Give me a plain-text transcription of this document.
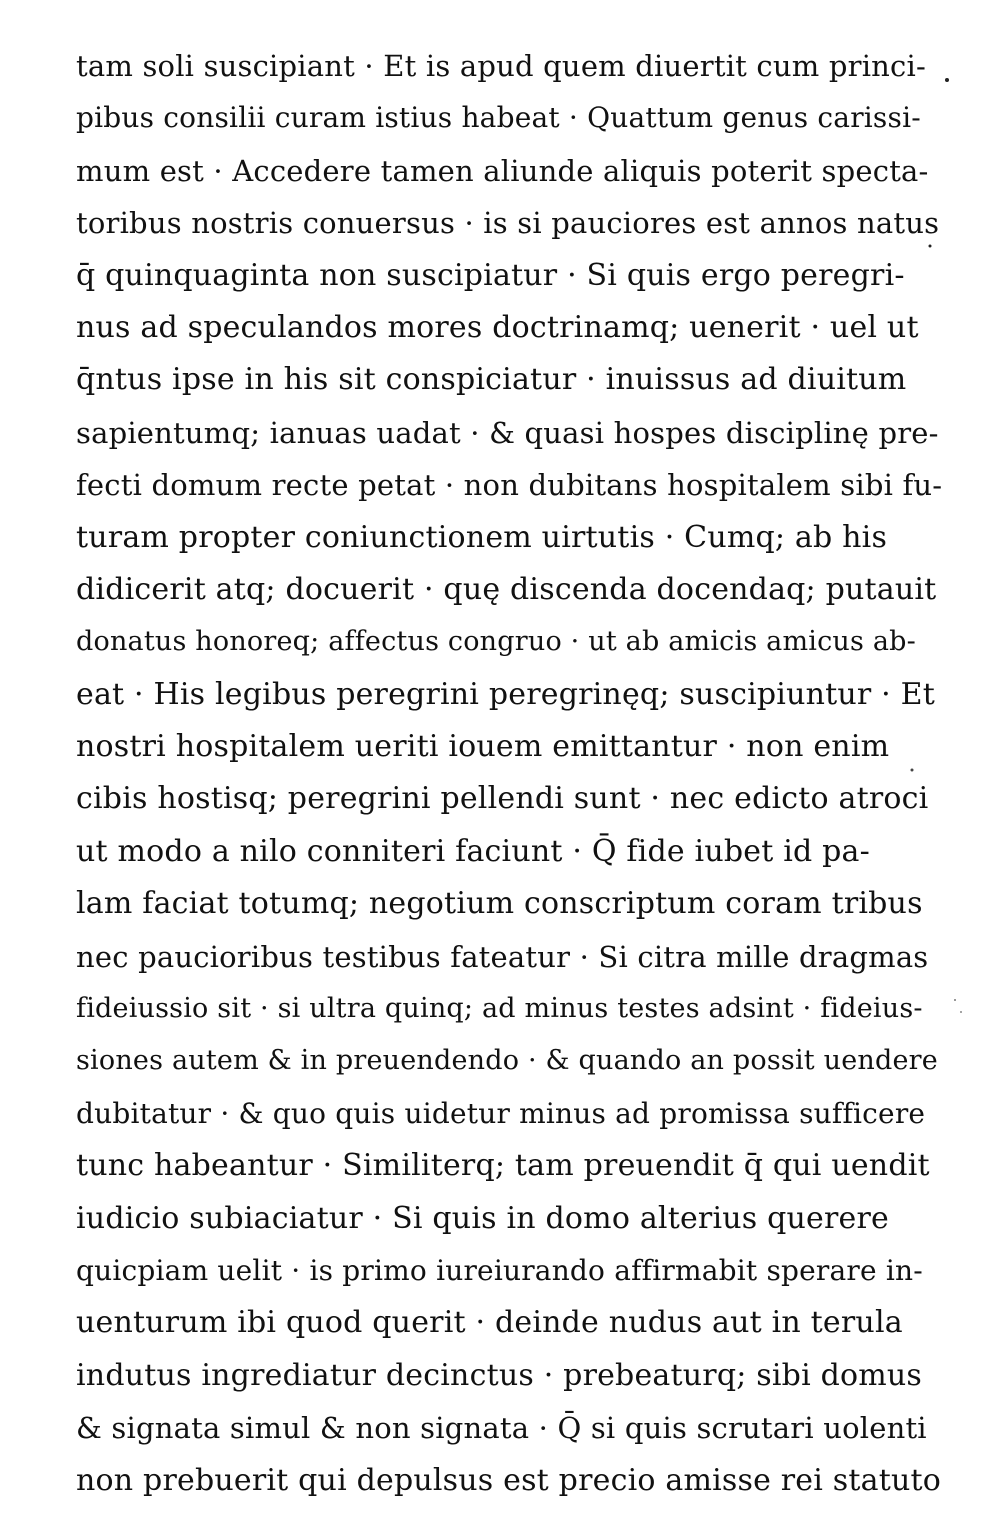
tam soli suscipiant · Et is apud quem diuertit cum princi-
pibus consilii curam istius habeat · Quattum genus carissi-
mum est · Accedere tamen aliunde aliquis poterit specta-
toribus nostris conuersus · is si pauciores est annos natus
q̄ quinquaginta non suscipiatur · Si quis ergo peregri-
nus ad speculandos mores doctrinamq; uenerit · uel ut
q̄ntus ipse in his sit conspiciatur · inuissus ad diuitum
sapientumq; ianuas uadat · & quasi hospes disciplinę pre-
fecti domum recte petat · non dubitans hospitalem sibi fu-
turam propter coniunctionem uirtutis · Cumq; ab his
didicerit atq; docuerit · quę discenda docendaq; putauit
donatus honoreq; affectus congruo · ut ab amicis amicus ab-
eat · His legibus peregrini peregrinęq; suscipiuntur · Et
nostri hospitalem ueriti iouem emittantur · non enim
cibis hostisq; peregrini pellendi sunt · nec edicto atroci
ut modo a nilo conniteri faciunt · Q̄ fide iubet id pa-
lam faciat totumq; negotium conscriptum coram tribus
nec paucioribus testibus fateatur · Si citra mille dragmas
fideiussio sit · si ultra quinq; ad minus testes adsint · fideius-
siones autem & in preuendendo · & quando an possit uendere
dubitatur · & quo quis uidetur minus ad promissa sufficere
tunc habeantur · Similiterq; tam preuendit q̄ qui uendit
iudicio subiaciatur · Si quis in domo alterius querere
quicpiam uelit · is primo iureiurando affirmabit sperare in-
uenturum ibi quod querit · deinde nudus aut in terula
indutus ingrediatur decinctus · prebeaturq; sibi domus
& signata simul & non signata · Q̄ si quis scrutari uolenti
non prebuerit qui depulsus est precio amisse rei statuto
